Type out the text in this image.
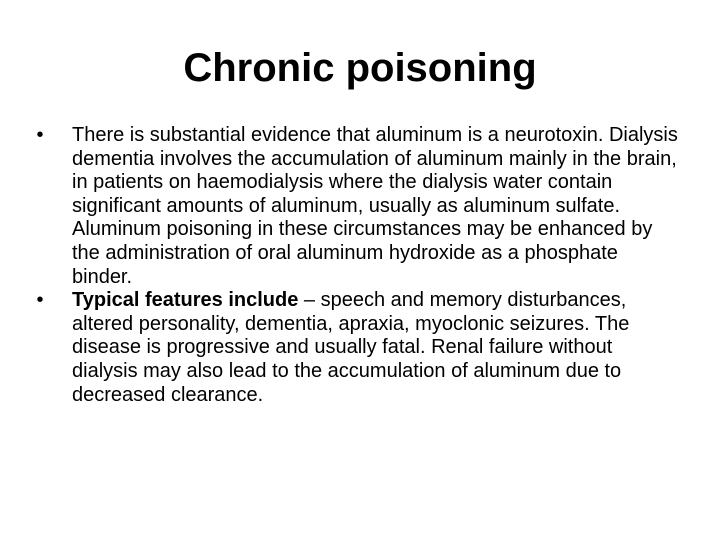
Chronic poisoning

•	There is substantial evidence that aluminum is a neurotoxin. Dialysis dementia involves the accumulation of aluminum mainly in the brain, in patients on haemodialysis where the dialysis water contain significant amounts of aluminum, usually as aluminum sulfate. Aluminum poisoning in these circumstances may be enhanced by the administration of oral aluminum hydroxide as a phosphate binder.

•	Typical features include – speech and memory disturbances, altered personality, dementia, apraxia, myoclonic seizures. The disease is progressive and usually fatal. Renal failure without dialysis may also lead to the accumulation of aluminum due to decreased clearance.
